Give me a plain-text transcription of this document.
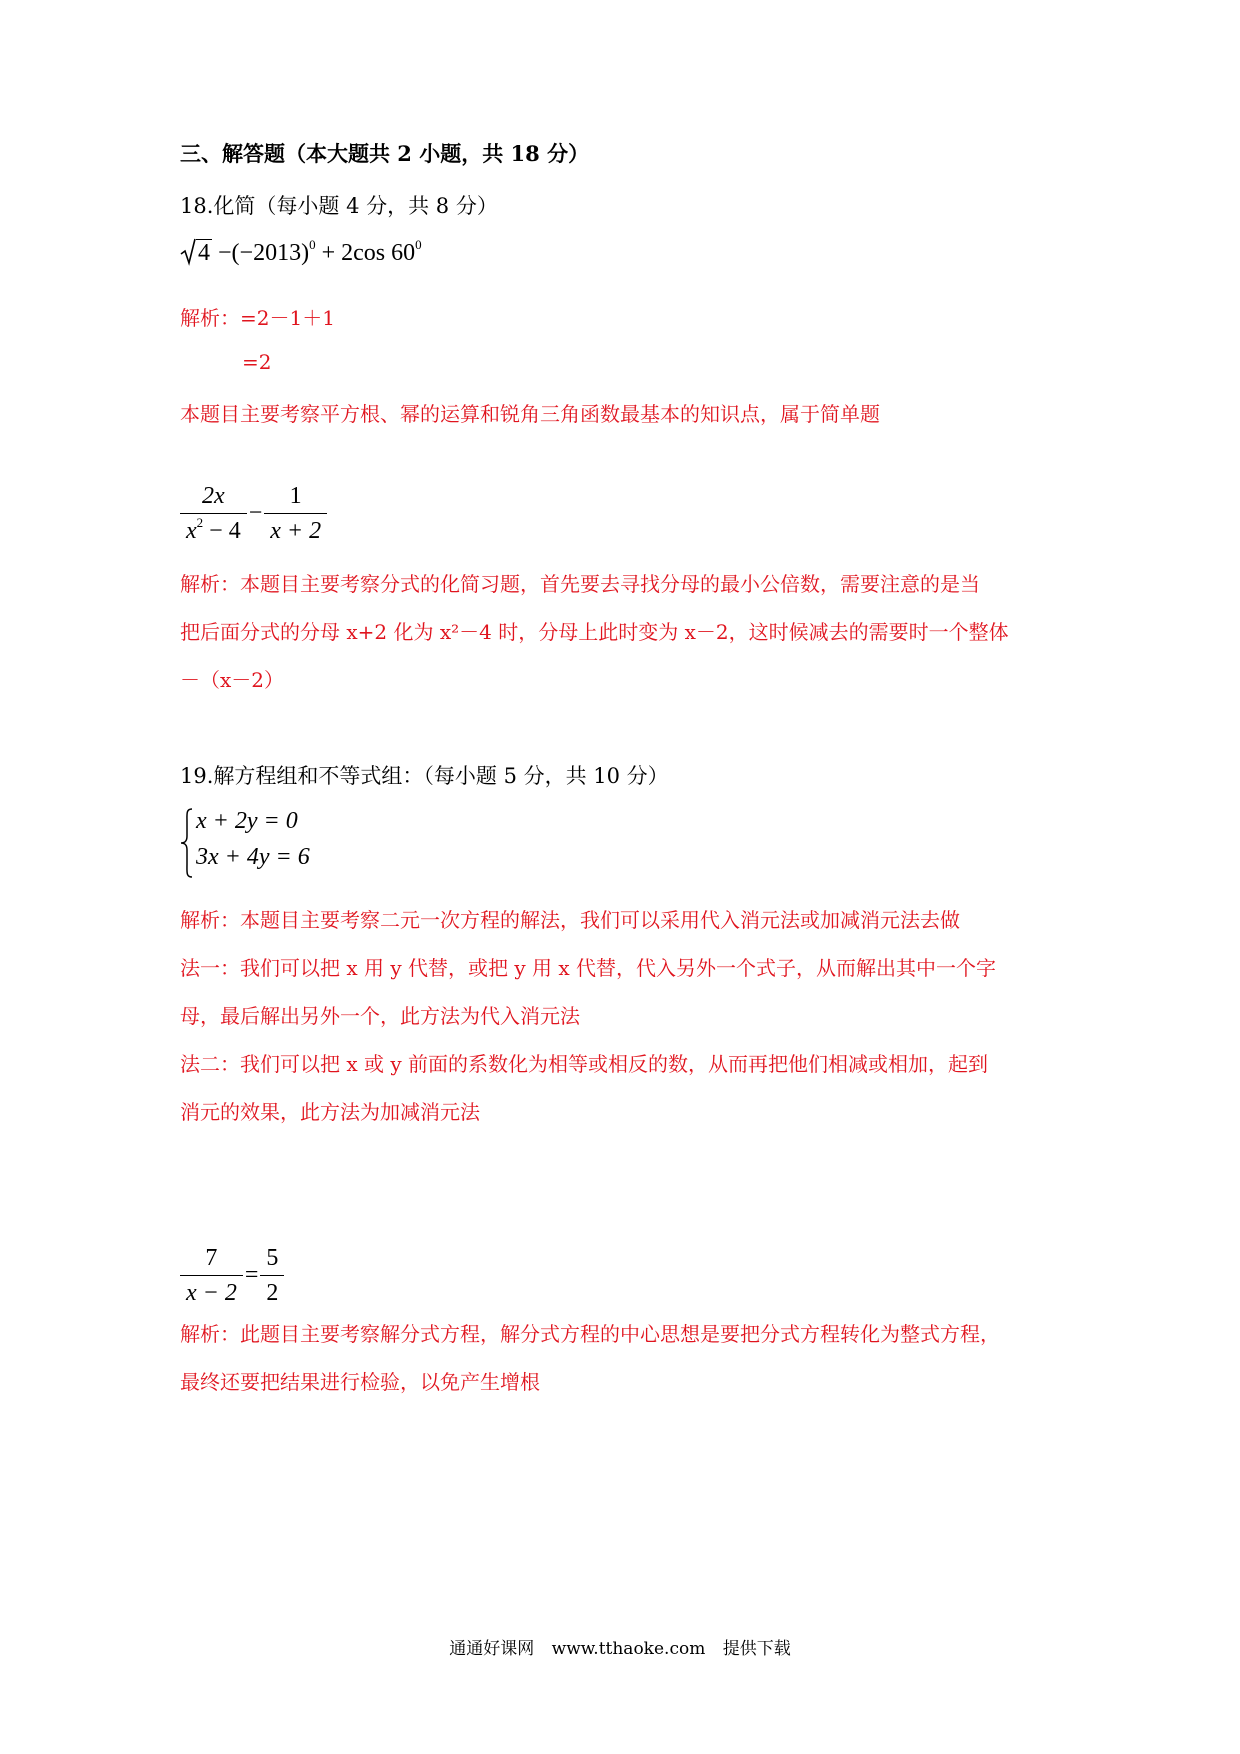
三、解答题（本大题共 2 小题，共 18 分）
18.化简（每小题 4 分，共 8 分）
$4 -(-2013)^0 + 2\cos$ $60^0$
解析：=2－1＋1
=2
本题目主要考察平方根、幂的运算和锐角三角函数最基本的知识点，属于简单题
$\frac{2x}{x^2 - 4} - \frac{1}{x + 2}$
解析：本题目主要考察分式的化简习题，首先要去寻找分母的最小公倍数，需要注意的是当
把后面分式的分母 x+2 化为 x²－4 时，分母上此时变为 x－2，这时候减去的需要时一个整体
－（x－2）
19.解方程组和不等式组：（每小题 5 分，共 10 分）
x + 2y = 0
3x + 4y = 6
解析：本题目主要考察二元一次方程的解法，我们可以采用代入消元法或加减消元法去做
法一：我们可以把 x 用 y 代替，或把 y 用 x 代替，代入另外一个式子，从而解出其中一个字
母，最后解出另外一个，此方法为代入消元法
法二：我们可以把 x 或 y 前面的系数化为相等或相反的数，从而再把他们相减或相加，起到
消元的效果，此方法为加减消元法
$\frac{7}{x - 2} = \frac{5}{2}$
解析：此题目主要考察解分式方程，解分式方程的中心思想是要把分式方程转化为整式方程，
最终还要把结果进行检验，以免产生增根
通通好课网 www.tthaoke.com 提供下载
